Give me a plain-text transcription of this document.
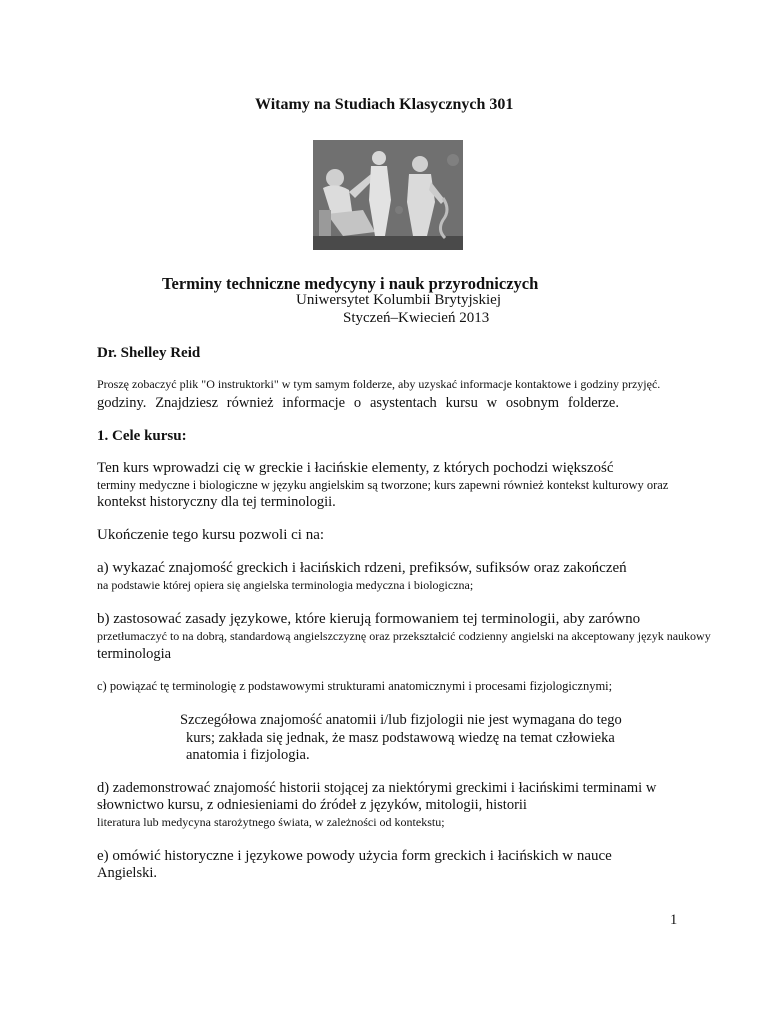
Witamy na Studiach Klasycznych 301
Terminy techniczne medycyny i nauk przyrodniczych
Uniwersytet Kolumbii Brytyjskiej
Styczeń–Kwiecień 2013
Dr. Shelley Reid
Proszę zobaczyć plik "O instruktorki" w tym samym folderze, aby uzyskać informacje kontaktowe i godziny przyjęć.
godziny. Znajdziesz również informacje o asystentach kursu w osobnym folderze.
1. Cele kursu:
Ten kurs wprowadzi cię w greckie i łacińskie elementy, z których pochodzi większość
terminy medyczne i biologiczne w języku angielskim są tworzone; kurs zapewni również kontekst kulturowy oraz
kontekst historyczny dla tej terminologii.
Ukończenie tego kursu pozwoli ci na:
a) wykazać znajomość greckich i łacińskich rdzeni, prefiksów, sufiksów oraz zakończeń
na podstawie której opiera się angielska terminologia medyczna i biologiczna;
b) zastosować zasady językowe, które kierują formowaniem tej terminologii, aby zarówno
przetłumaczyć to na dobrą, standardową angielszczyznę oraz przekształcić codzienny angielski na akceptowany język naukowy
terminologia
c) powiązać tę terminologię z podstawowymi strukturami anatomicznymi i procesami fizjologicznymi;
Szczegółowa znajomość anatomii i/lub fizjologii nie jest wymagana do tego
kurs; zakłada się jednak, że masz podstawową wiedzę na temat człowieka
anatomia i fizjologia.
d) zademonstrować znajomość historii stojącej za niektórymi greckimi i łacińskimi terminami w
słownictwo kursu, z odniesieniami do źródeł z języków, mitologii, historii
literatura lub medycyna starożytnego świata, w zależności od kontekstu;
e) omówić historyczne i językowe powody użycia form greckich i łacińskich w nauce
Angielski.
1
